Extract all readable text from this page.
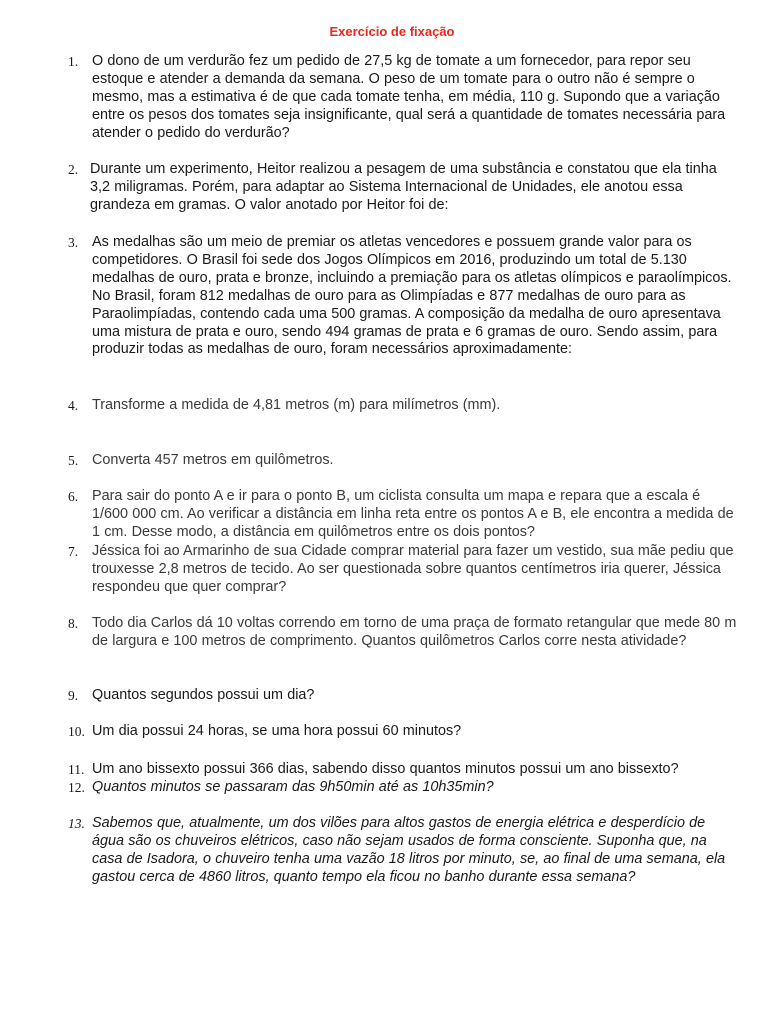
Exercício de fixação
1. O dono de um verdurão fez um pedido de 27,5 kg de tomate a um fornecedor, para repor seu estoque e atender a demanda da semana. O peso de um tomate para o outro não é sempre o mesmo, mas a estimativa é de que cada tomate tenha, em média, 110 g. Supondo que a variação entre os pesos dos tomates seja insignificante, qual será a quantidade de tomates necessária para atender o pedido do verdurão?
2. Durante um experimento, Heitor realizou a pesagem de uma substância e constatou que ela tinha 3,2 miligramas. Porém, para adaptar ao Sistema Internacional de Unidades, ele anotou essa grandeza em gramas. O valor anotado por Heitor foi de:
3. As medalhas são um meio de premiar os atletas vencedores e possuem grande valor para os competidores. O Brasil foi sede dos Jogos Olímpicos em 2016, produzindo um total de 5.130 medalhas de ouro, prata e bronze, incluindo a premiação para os atletas olímpicos e paraolímpicos. No Brasil, foram 812 medalhas de ouro para as Olimpíadas e 877 medalhas de ouro para as Paraolimpíadas, contendo cada uma 500 gramas. A composição da medalha de ouro apresentava uma mistura de prata e ouro, sendo 494 gramas de prata e 6 gramas de ouro. Sendo assim, para produzir todas as medalhas de ouro, foram necessários aproximadamente:
4. Transforme a medida de 4,81 metros (m) para milímetros (mm).
5. Converta 457 metros em quilômetros.
6. Para sair do ponto A e ir para o ponto B, um ciclista consulta um mapa e repara que a escala é 1/600 000 cm. Ao verificar a distância em linha reta entre os pontos A e B, ele encontra a medida de 1 cm. Desse modo, a distância em quilômetros entre os dois pontos?
7. Jéssica foi ao Armarinho de sua Cidade comprar material para fazer um vestido, sua mãe pediu que trouxesse 2,8 metros de tecido. Ao ser questionada sobre quantos centímetros iria querer, Jéssica respondeu que quer comprar?
8. Todo dia Carlos dá 10 voltas correndo em torno de uma praça de formato retangular que mede 80 m de largura e 100 metros de comprimento. Quantos quilômetros Carlos corre nesta atividade?
9. Quantos segundos possui um dia?
10. Um dia possui 24 horas, se uma hora possui 60 minutos?
11. Um ano bissexto possui 366 dias, sabendo disso quantos minutos possui um ano bissexto?
12. Quantos minutos se passaram das 9h50min até as 10h35min?
13. Sabemos que, atualmente, um dos vilões para altos gastos de energia elétrica e desperdício de água são os chuveiros elétricos, caso não sejam usados de forma consciente. Suponha que, na casa de Isadora, o chuveiro tenha uma vazão 18 litros por minuto, se, ao final de uma semana, ela gastou cerca de 4860 litros, quanto tempo ela ficou no banho durante essa semana?
